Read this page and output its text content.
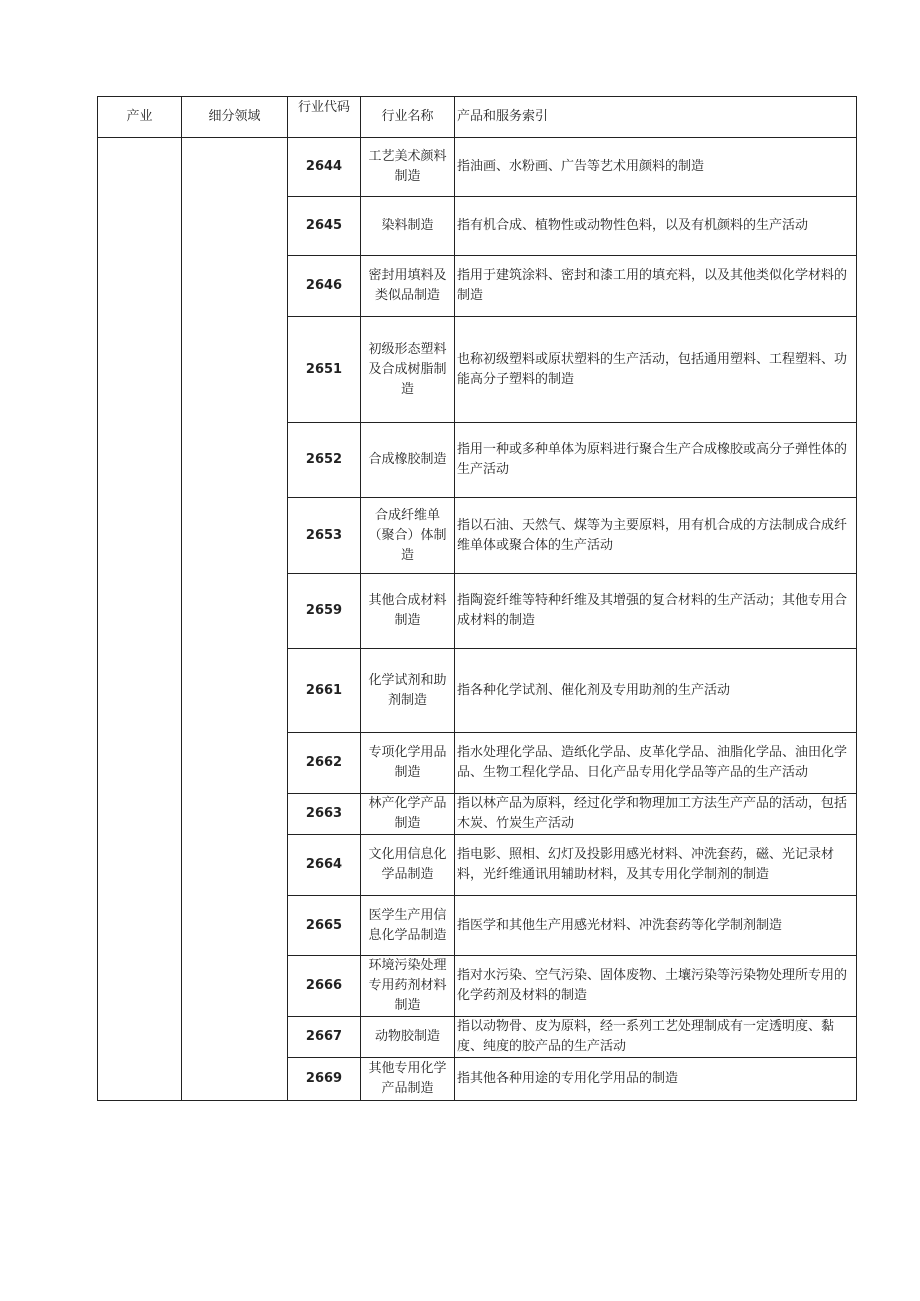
产业	细分领域	行业代码	行业名称	产品和服务索引
		2644	工艺美术颜料制造	指油画、水粉画、广告等艺术用颜料的制造
		2645	染料制造	指有机合成、植物性或动物性色料，以及有机颜料的生产活动
		2646	密封用填料及类似品制造	指用于建筑涂料、密封和漆工用的填充料，以及其他类似化学材料的制造
		2651	初级形态塑料及合成树脂制造	也称初级塑料或原状塑料的生产活动，包括通用塑料、工程塑料、功能高分子塑料的制造
		2652	合成橡胶制造	指用一种或多种单体为原料进行聚合生产合成橡胶或高分子弹性体的生产活动
		2653	合成纤维单（聚合）体制造	指以石油、天然气、煤等为主要原料，用有机合成的方法制成合成纤维单体或聚合体的生产活动
		2659	其他合成材料制造	指陶瓷纤维等特种纤维及其增强的复合材料的生产活动；其他专用合成材料的制造
		2661	化学试剂和助剂制造	指各种化学试剂、催化剂及专用助剂的生产活动
		2662	专项化学用品制造	指水处理化学品、造纸化学品、皮革化学品、油脂化学品、油田化学品、生物工程化学品、日化产品专用化学品等产品的生产活动
		2663	林产化学产品制造	指以林产品为原料，经过化学和物理加工方法生产产品的活动，包括木炭、竹炭生产活动
		2664	文化用信息化学品制造	指电影、照相、幻灯及投影用感光材料、冲洗套药，磁、光记录材料，光纤维通讯用辅助材料，及其专用化学制剂的制造
		2665	医学生产用信息化学品制造	指医学和其他生产用感光材料、冲洗套药等化学制剂制造
		2666	环境污染处理专用药剂材料制造	指对水污染、空气污染、固体废物、土壤污染等污染物处理所专用的化学药剂及材料的制造
		2667	动物胶制造	指以动物骨、皮为原料，经一系列工艺处理制成有一定透明度、黏度、纯度的胶产品的生产活动
		2669	其他专用化学产品制造	指其他各种用途的专用化学用品的制造
